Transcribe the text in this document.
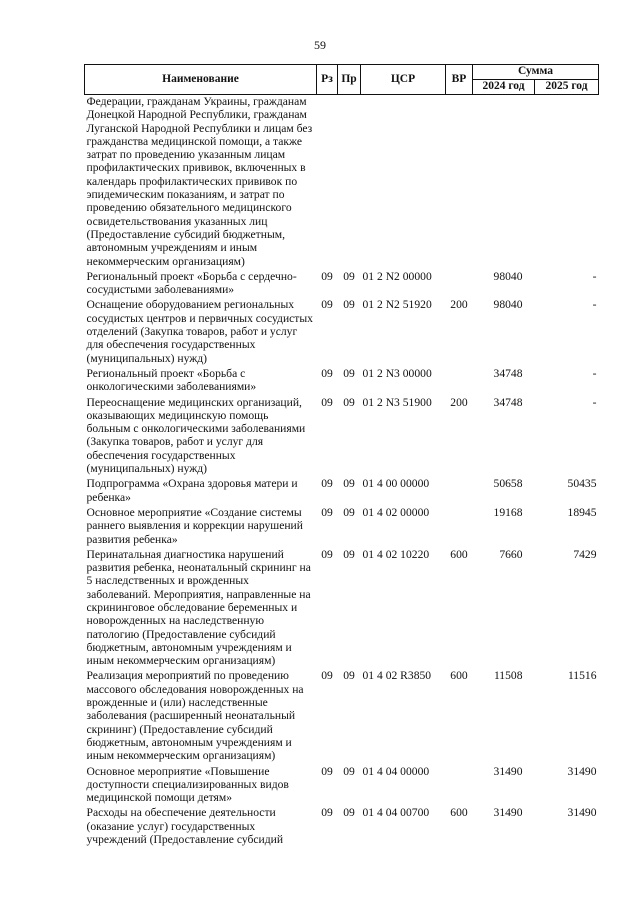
59
Наименование	Рз	Пр	ЦСР	ВР	Сумма	
					2024 год	2025 год
Федерации, гражданам Украины, гражданам Донецкой Народной Республики, гражданам Луганской Народной Республики и лицам без гражданства медицинской помощи, а также затрат по проведению указанным лицам профилактических прививок, включенных в календарь профилактических прививок по эпидемическим показаниям, и затрат по проведению обязательного медицинского освидетельствования указанных лиц (Предоставление субсидий бюджетным, автономным учреждениям и иным некоммерческим организациям)						
Региональный проект «Борьба с сердечно-сосудистыми заболеваниями»	09	09	01 2 N2 00000		98040	-
Оснащение оборудованием региональных сосудистых центров и первичных сосудистых отделений (Закупка товаров, работ и услуг для обеспечения государственных (муниципальных) нужд)	09	09	01 2 N2 51920	200	98040	-
Региональный проект «Борьба с онкологическими заболеваниями»	09	09	01 2 N3 00000		34748	-
Переоснащение медицинских организаций, оказывающих медицинскую помощь больным с онкологическими заболеваниями (Закупка товаров, работ и услуг для обеспечения государственных (муниципальных) нужд)	09	09	01 2 N3 51900	200	34748	-
Подпрограмма «Охрана здоровья матери и ребенка»	09	09	01 4 00 00000		50658	50435
Основное мероприятие «Создание системы раннего выявления и коррекции нарушений развития ребенка»	09	09	01 4 02 00000		19168	18945
Перинатальная диагностика нарушений развития ребенка, неонатальный скрининг на 5 наследственных и врожденных заболеваний. Мероприятия, направленные на скрининговое обследование беременных и новорожденных на наследственную патологию (Предоставление субсидий бюджетным, автономным учреждениям и иным некоммерческим организациям)	09	09	01 4 02 10220	600	7660	7429
Реализация мероприятий по проведению массового обследования новорожденных на врожденные и (или) наследственные заболевания (расширенный неонатальный скрининг) (Предоставление субсидий бюджетным, автономным учреждениям и иным некоммерческим организациям)	09	09	01 4 02 R3850	600	11508	11516
Основное мероприятие «Повышение доступности специализированных видов медицинской помощи детям»	09	09	01 4 04 00000		31490	31490
Расходы на обеспечение деятельности (оказание услуг) государственных учреждений (Предоставление субсидий	09	09	01 4 04 00700	600	31490	31490
